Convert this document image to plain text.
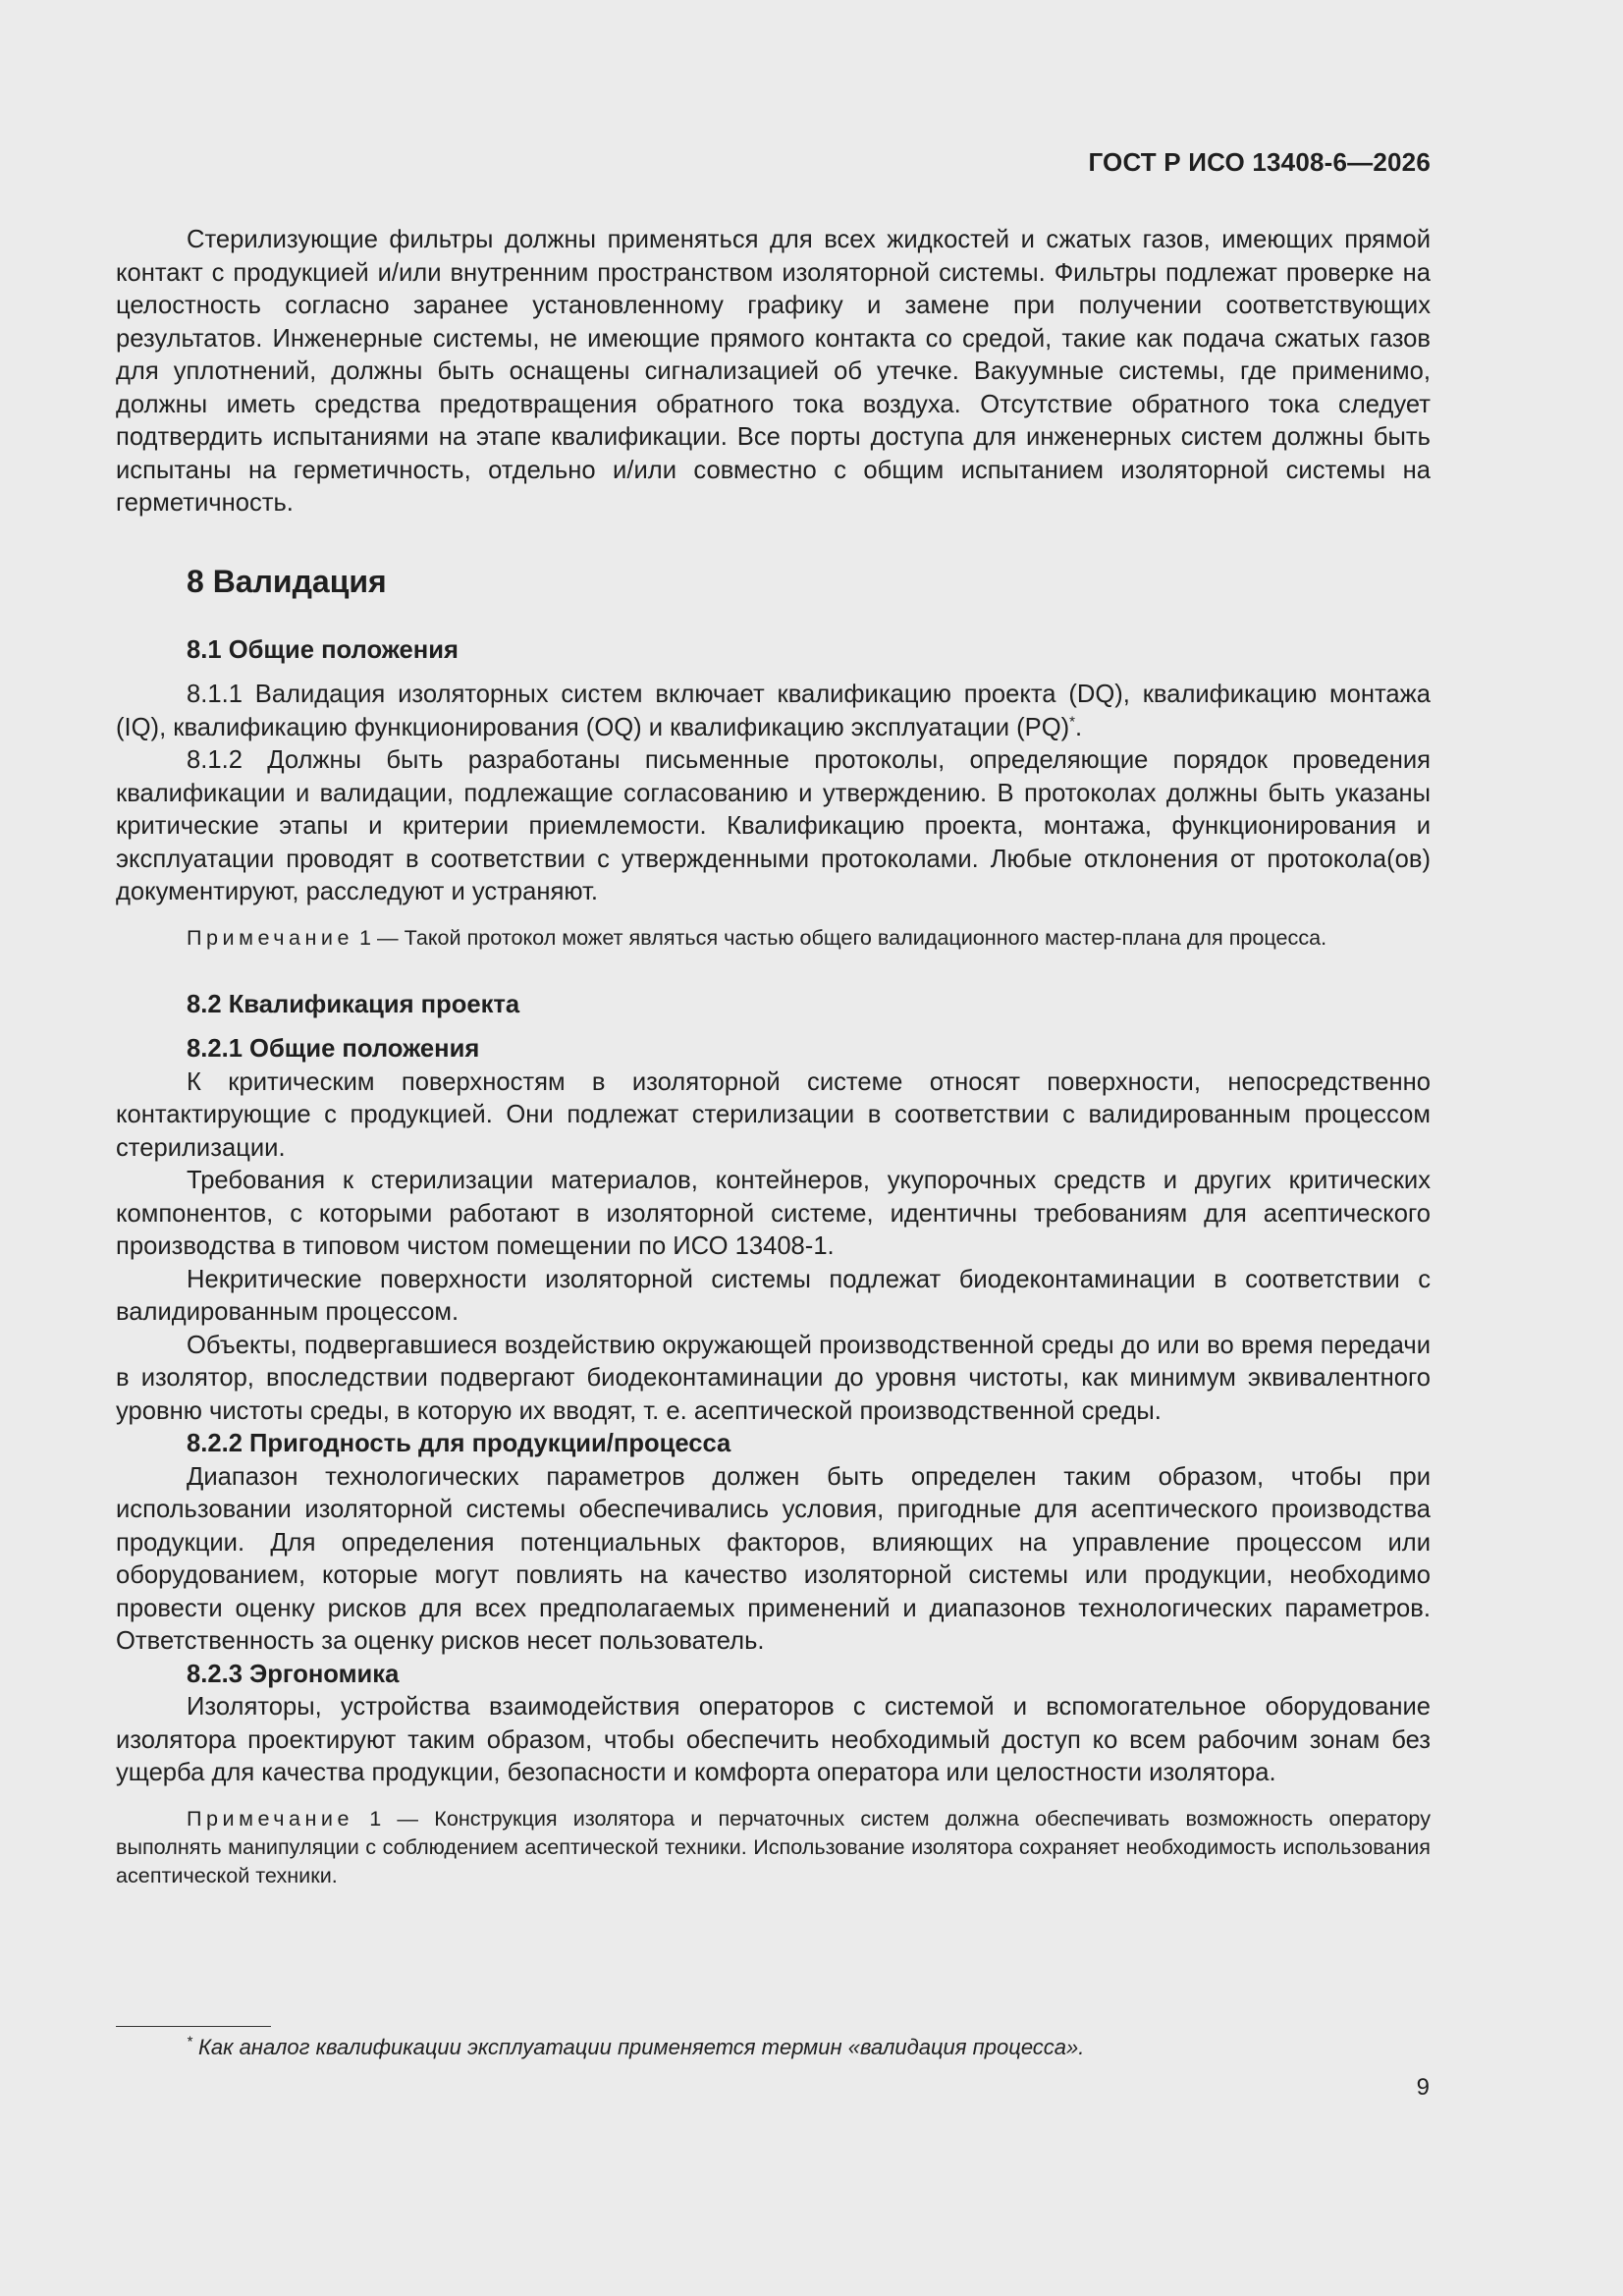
ГОСТ Р ИСО 13408-6—2026

Стерилизующие фильтры должны применяться для всех жидкостей и сжатых газов, имеющих прямой контакт с продукцией и/или внутренним пространством изоляторной системы. Фильтры подлежат проверке на целостность согласно заранее установленному графику и замене при получении соответствующих результатов. Инженерные системы, не имеющие прямого контакта со средой, такие как подача сжатых газов для уплотнений, должны быть оснащены сигнализацией об утечке. Вакуумные системы, где применимо, должны иметь средства предотвращения обратного тока воздуха. Отсутствие обратного тока следует подтвердить испытаниями на этапе квалификации. Все порты доступа для инженерных систем должны быть испытаны на герметичность, отдельно и/или совместно с общим испытанием изоляторной системы на герметичность.

8 Валидация
8.1 Общие положения

8.1.1 Валидация изоляторных систем включает квалификацию проекта (DQ), квалификацию монтажа (IQ), квалификацию функционирования (OQ) и квалификацию эксплуатации (PQ)*.

8.1.2 Должны быть разработаны письменные протоколы, определяющие порядок проведения квалификации и валидации, подлежащие согласованию и утверждению. В протоколах должны быть указаны критические этапы и критерии приемлемости. Квалификацию проекта, монтажа, функционирования и эксплуатации проводят в соответствии с утвержденными протоколами. Любые отклонения от протокола(ов) документируют, расследуют и устраняют.

Примечание 1 — Такой протокол может являться частью общего валидационного мастер-плана для процесса.

8.2 Квалификация проекта
8.2.1 Общие положения

К критическим поверхностям в изоляторной системе относят поверхности, непосредственно контактирующие с продукцией. Они подлежат стерилизации в соответствии с валидированным процессом стерилизации.

Требования к стерилизации материалов, контейнеров, укупорочных средств и других критических компонентов, с которыми работают в изоляторной системе, идентичны требованиям для асептического производства в типовом чистом помещении по ИСО 13408-1.

Некритические поверхности изоляторной системы подлежат биодеконтаминации в соответствии с валидированным процессом.

Объекты, подвергавшиеся воздействию окружающей производственной среды до или во время передачи в изолятор, впоследствии подвергают биодеконтаминации до уровня чистоты, как минимум эквивалентного уровню чистоты среды, в которую их вводят, т. е. асептической производственной среды.

8.2.2 Пригодность для продукции/процесса

Диапазон технологических параметров должен быть определен таким образом, чтобы при использовании изоляторной системы обеспечивались условия, пригодные для асептического производства продукции. Для определения потенциальных факторов, влияющих на управление процессом или оборудованием, которые могут повлиять на качество изоляторной системы или продукции, необходимо провести оценку рисков для всех предполагаемых применений и диапазонов технологических параметров. Ответственность за оценку рисков несет пользователь.

8.2.3 Эргономика

Изоляторы, устройства взаимодействия операторов с системой и вспомогательное оборудование изолятора проектируют таким образом, чтобы обеспечить необходимый доступ ко всем рабочим зонам без ущерба для качества продукции, безопасности и комфорта оператора или целостности изолятора.

Примечание 1 — Конструкция изолятора и перчаточных систем должна обеспечивать возможность оператору выполнять манипуляции с соблюдением асептической техники. Использование изолятора сохраняет необходимость использования асептической техники.

* Как аналог квалификации эксплуатации применяется термин «валидация процесса».
9
